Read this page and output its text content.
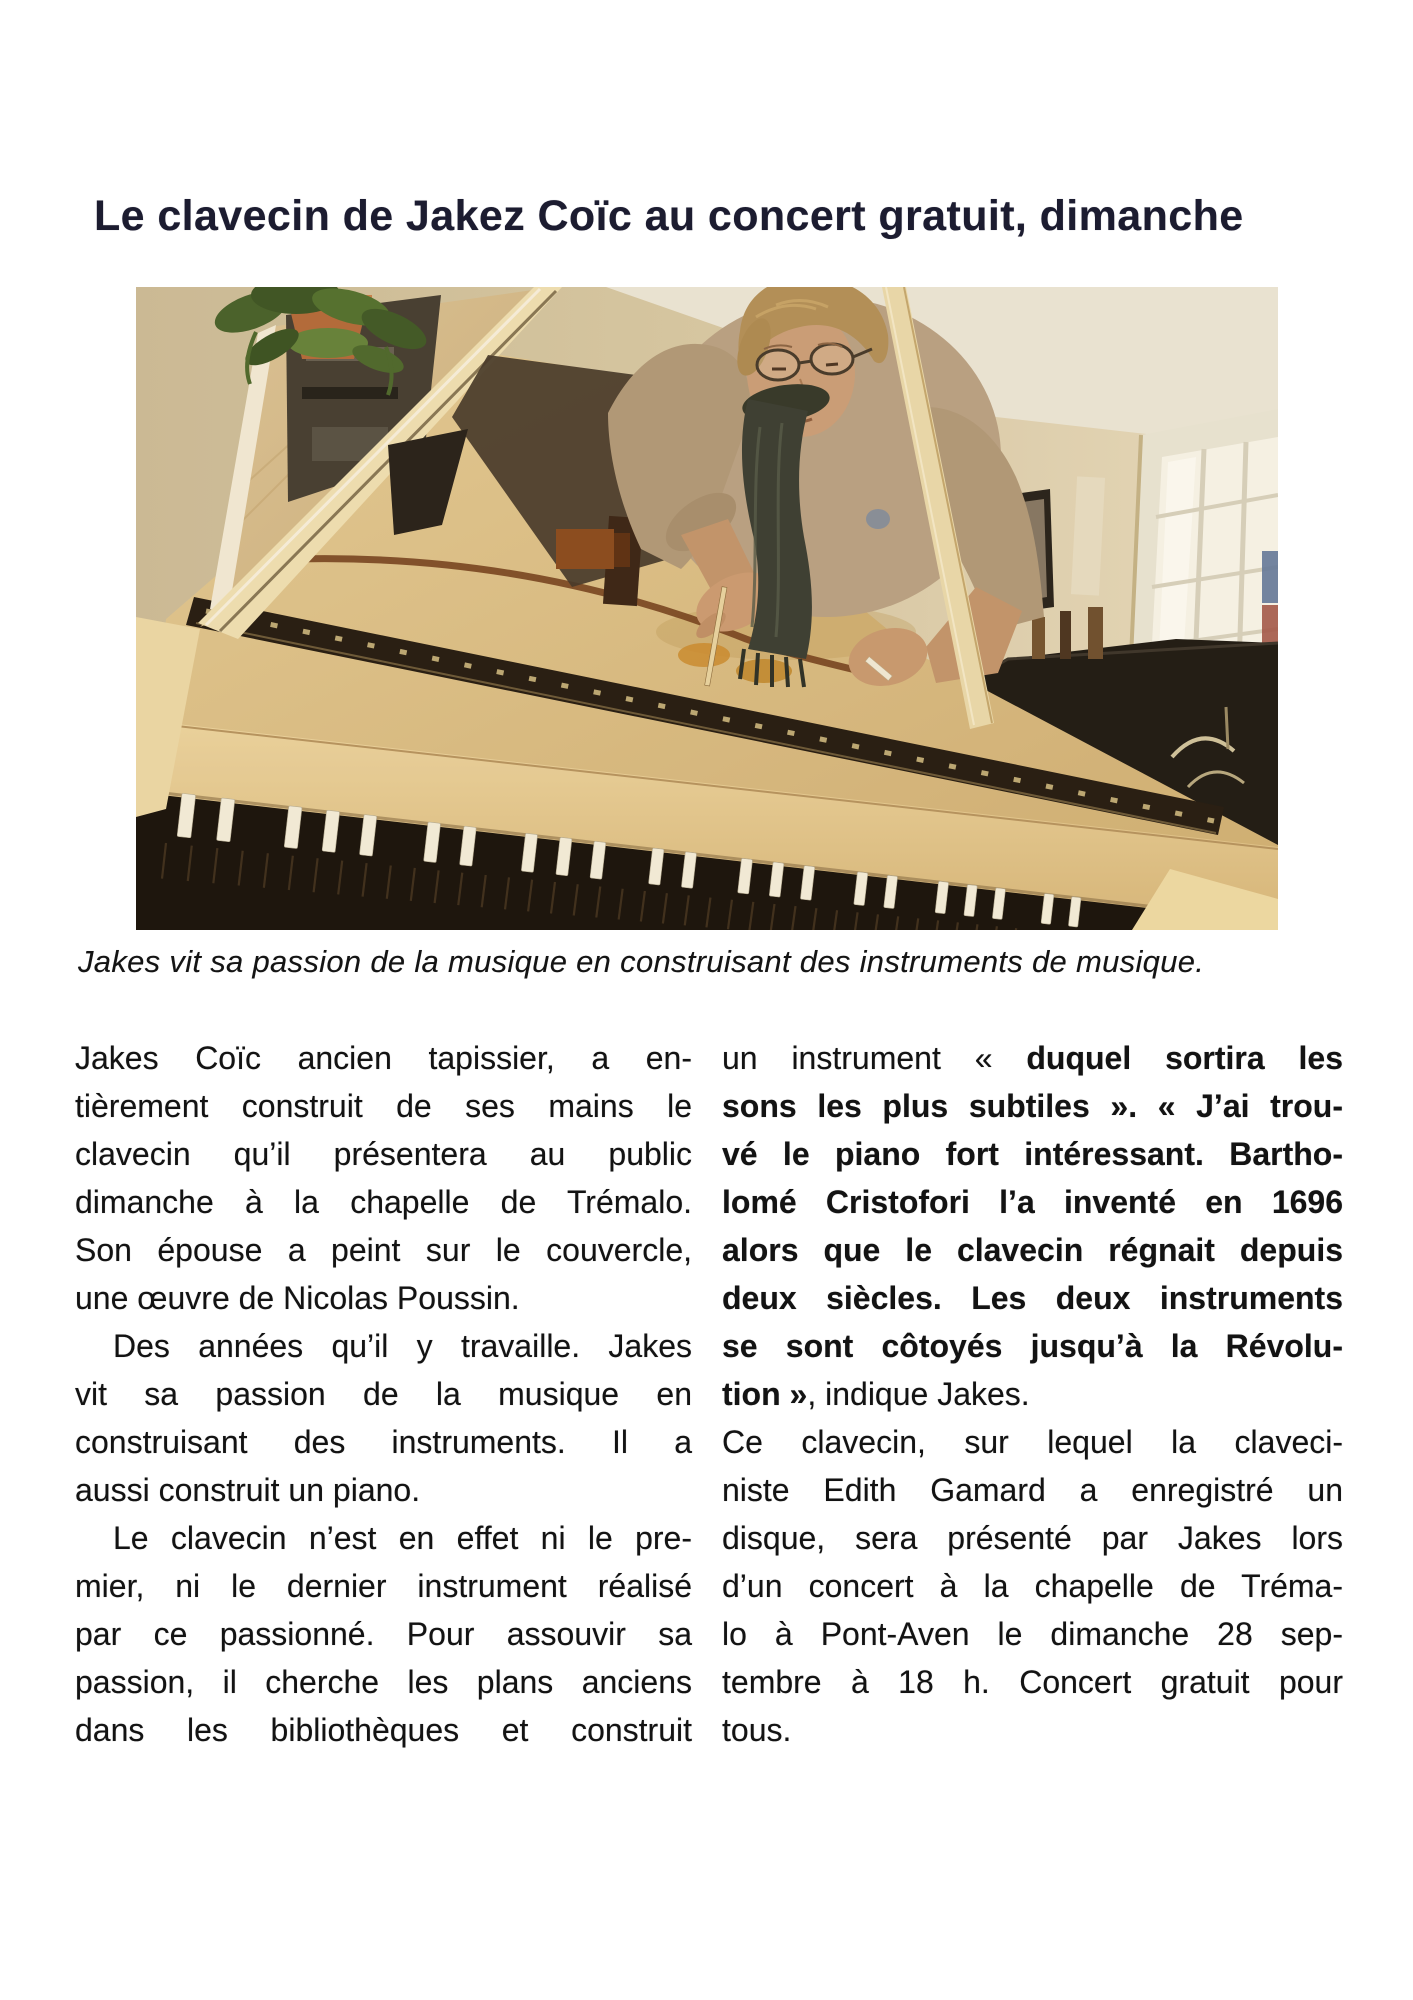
Le clavecin de Jakez Coïc au concert gratuit, dimanche

Jakes vit sa passion de la musique en construisant des instruments de musique.

Jakes Coïc ancien tapissier, a en-
tièrement construit de ses mains le
clavecin qu’il présentera au public
dimanche à la chapelle de Trémalo.
Son épouse a peint sur le couvercle,
une œuvre de Nicolas Poussin.
Des années qu’il y travaille. Jakes
vit sa passion de la musique en
construisant des instruments. Il a
aussi construit un piano.
Le clavecin n’est en effet ni le pre-
mier, ni le dernier instrument réalisé
par ce passionné. Pour assouvir sa
passion, il cherche les plans anciens
dans les bibliothèques et construit
un instrument « duquel sortira les
sons les plus subtiles ». « J’ai trou-
vé le piano fort intéressant. Bartho-
lomé Cristofori l’a inventé en 1696
alors que le clavecin régnait depuis
deux siècles. Les deux instruments
se sont côtoyés jusqu’à la Révolu-
tion », indique Jakes.
Ce clavecin, sur lequel la claveci-
niste Edith Gamard a enregistré un
disque, sera présenté par Jakes lors
d’un concert à la chapelle de Tréma-
lo à Pont-Aven le dimanche 28 sep-
tembre à 18 h. Concert gratuit pour
tous.
